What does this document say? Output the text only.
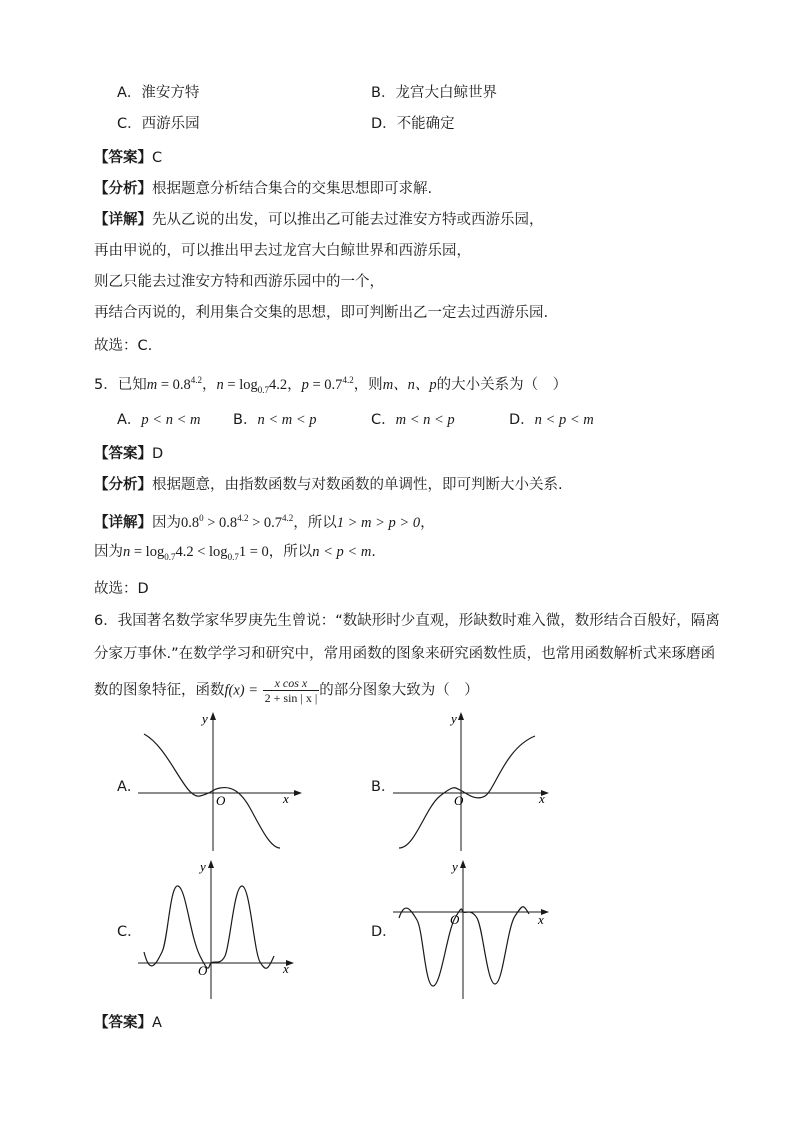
A．淮安方特	B．龙宫大白鲸世界
C．西游乐园	D．不能确定
【答案】C
【分析】根据题意分析结合集合的交集思想即可求解.
【详解】先从乙说的出发，可以推出乙可能去过淮安方特或西游乐园，
再由甲说的，可以推出甲去过龙宫大白鲸世界和西游乐园，
则乙只能去过淮安方特和西游乐园中的一个，
再结合丙说的，利用集合交集的思想，即可判断出乙一定去过西游乐园.
故选：C.
5．已知$m = 0.8^{4.2}$，$n = \log_{0.7}4.2$，$p = 0.7^{4.2}$，则m、n、p的大小关系为（　）
A．p < n < m B．n < m < p	C．m < n < p	D．n < p < m
【答案】D
【分析】根据题意，由指数函数与对数函数的单调性，即可判断大小关系.
【详解】因为$0.8^0 > 0.8^{4.2} > 0.7^{4.2}$，所以1 > m > p > 0，
因为$n = \log_{0.7}4.2 < \log_{0.7}1 = 0$，所以n < p < m.
故选：D
6．我国著名数学家华罗庚先生曾说：“数缺形时少直观，形缺数时难入微，数形结合百般好，隔离
分家万事休.”在数学学习和研究中，常用函数的图象来研究函数性质，也常用函数解析式来琢磨函
数的图象特征，函数$f(x) = \frac{\text{x cos x}}{2 + \sin | x |}$ 的部分图象大致为（　）
A．	B．
C．	D．
x
y
O	x
y
O
x
y
O
x
y
O
【答案】A
